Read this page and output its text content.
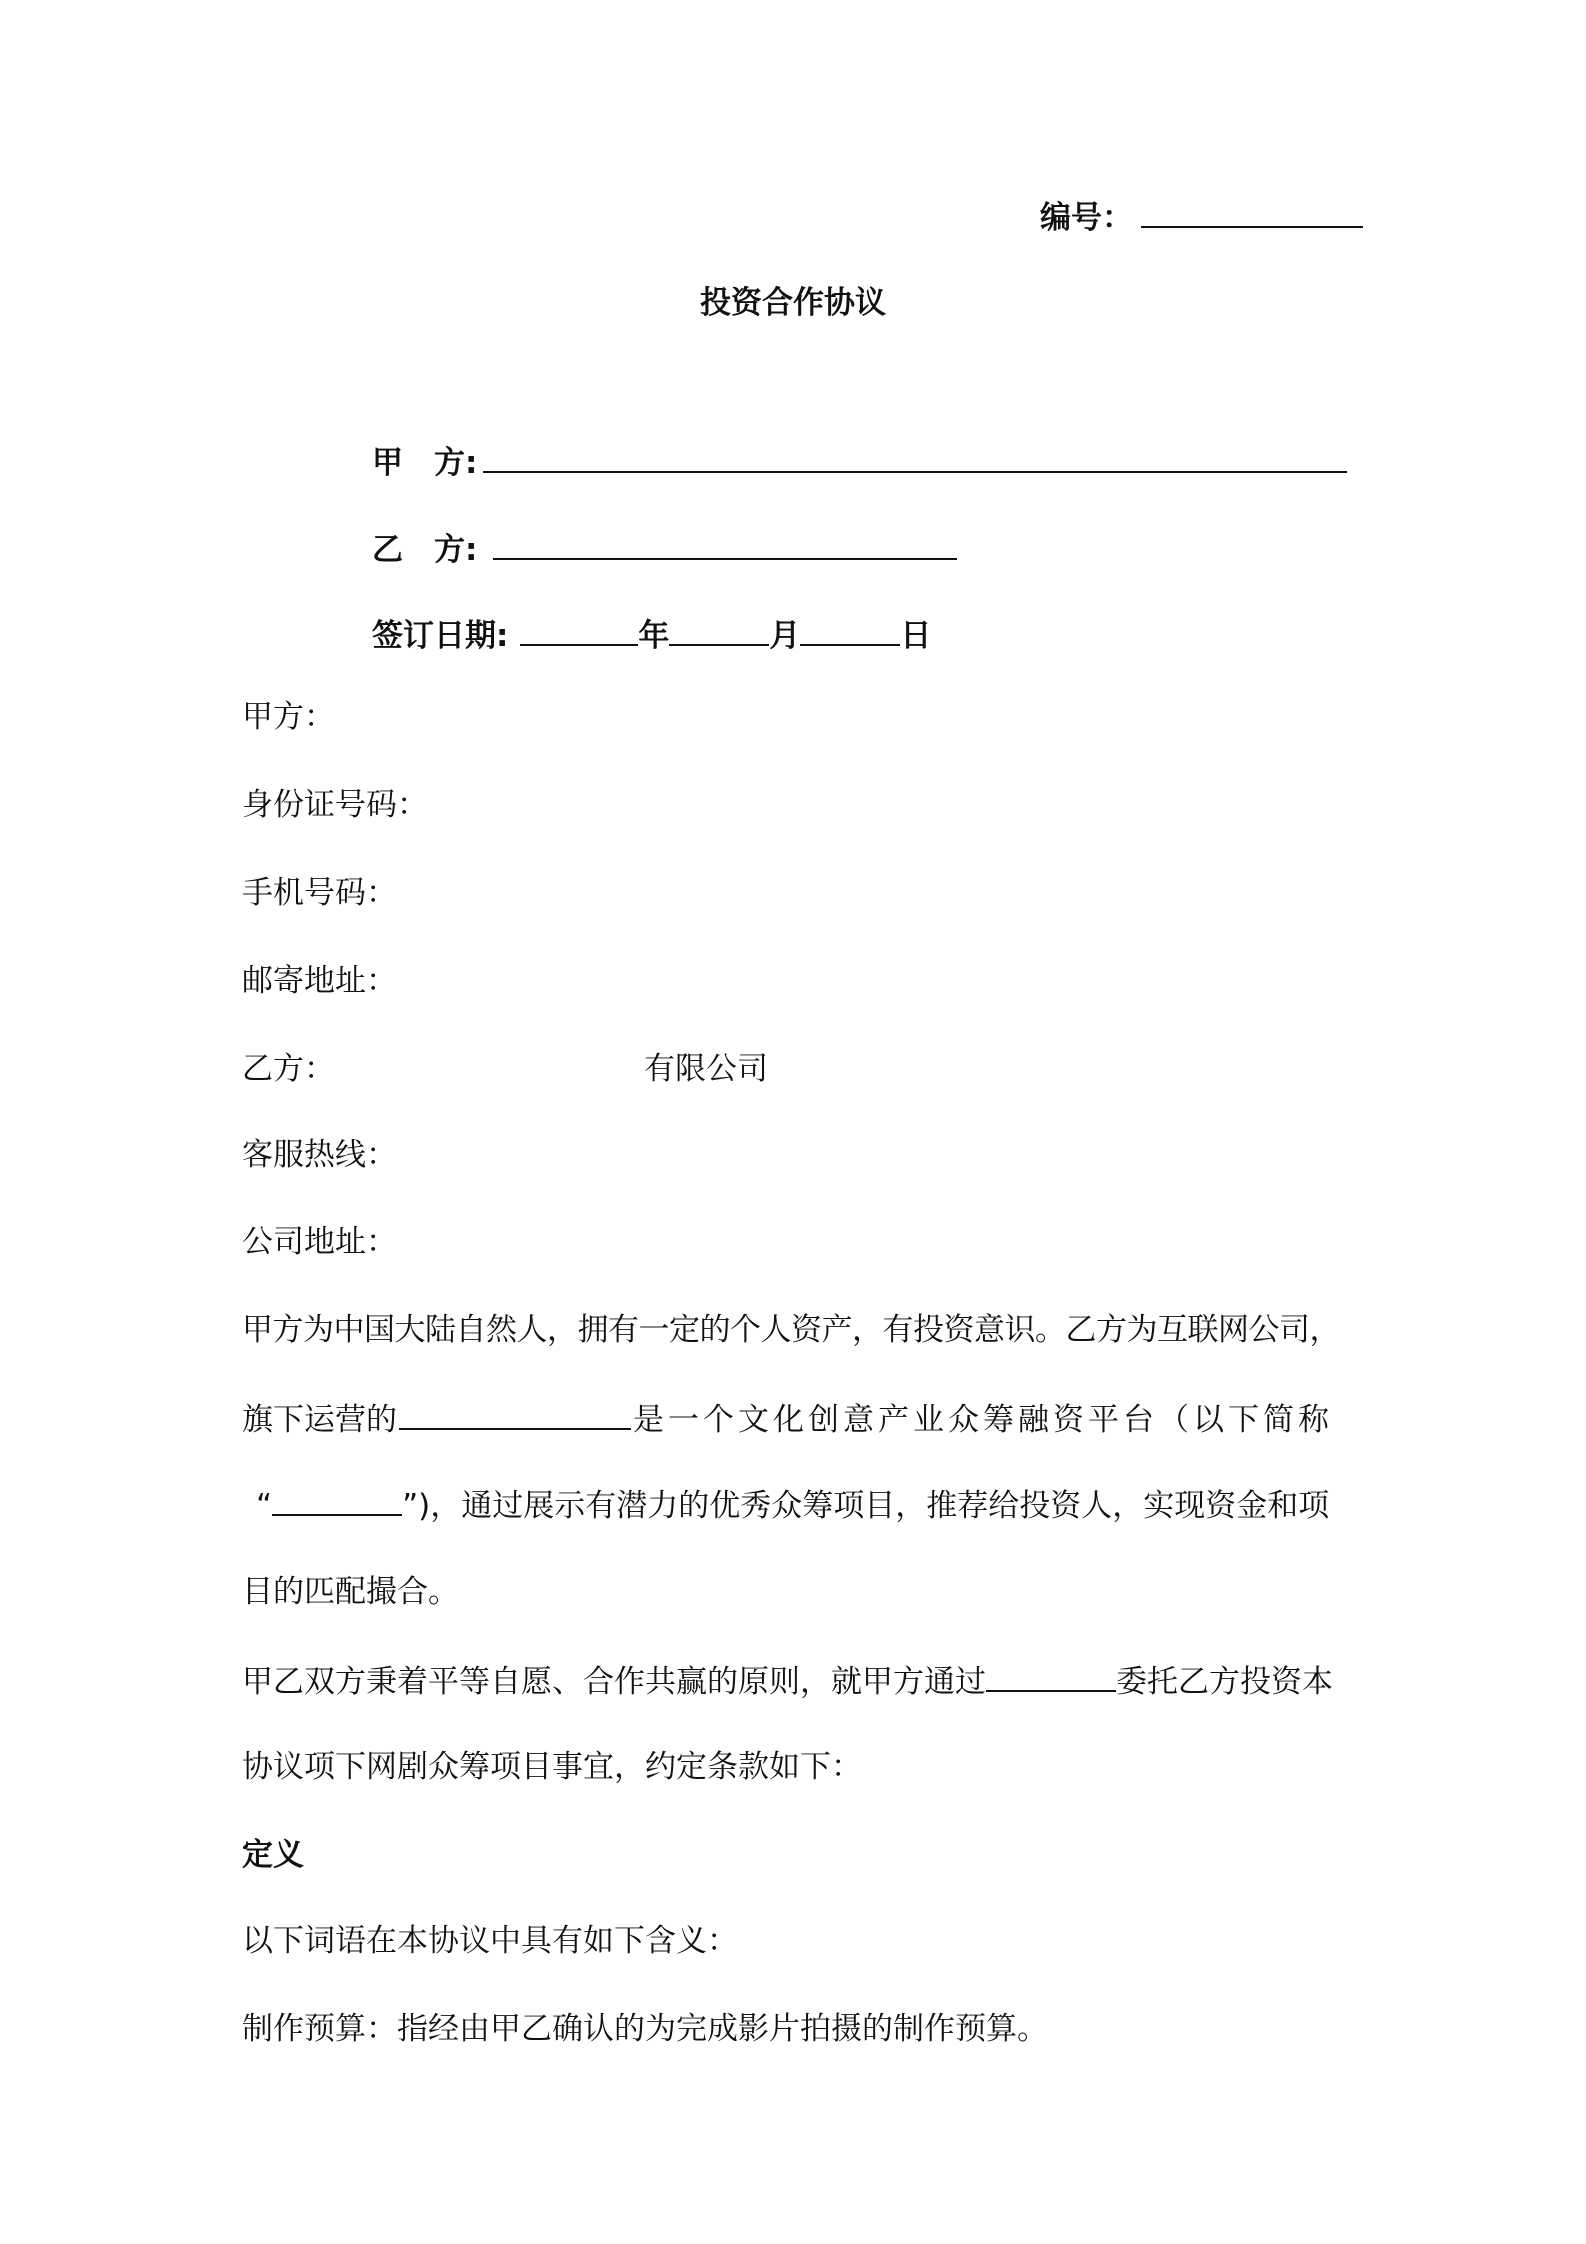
编号：
投资合作协议
甲　方:
乙　方:
签订日期:	年	月	日
甲方：
身份证号码：
手机号码：
邮寄地址：
乙方：	有限公司
客服热线：
公司地址：
甲方为中国大陆自然人，拥有一定的个人资产，有投资意识。乙方为互联网公司，
旗下运营的	是一个文化创意产业众筹融资平台（以下简称
“	”)，通过展示有潜力的优秀众筹项目，推荐给投资人，实现资金和项
目的匹配撮合。
甲乙双方秉着平等自愿、合作共赢的原则，就甲方通过	委托乙方投资本
协议项下网剧众筹项目事宜，约定条款如下：
定义
以下词语在本协议中具有如下含义：
制作预算：指经由甲乙确认的为完成影片拍摄的制作预算。
